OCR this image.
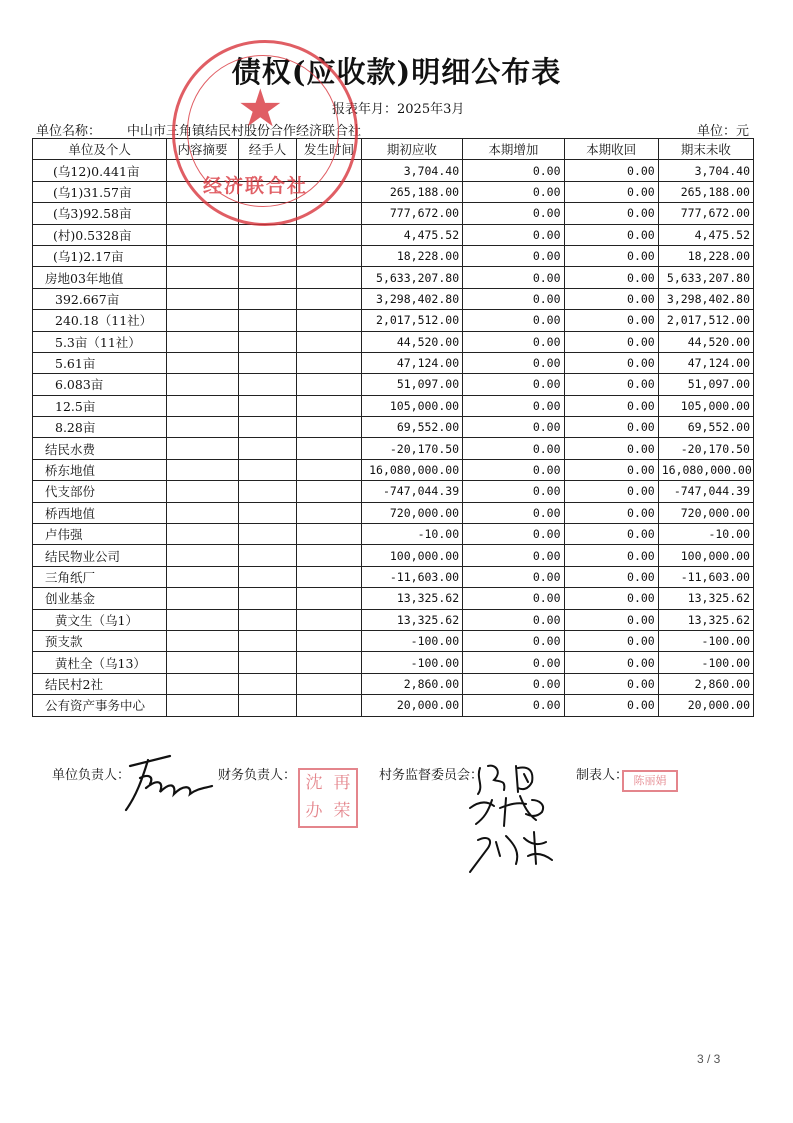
债权(应收款)明细公布表
报表年月：2025年3月
单位名称： 中山市三角镇结民村股份合作经济联合社	单位：元
单位及个人	内容摘要	经手人	发生时间	期初应收	本期增加	本期收回	期末未收
(乌12)0.441亩				3,704.40	0.00	0.00	3,704.40
(乌1)31.57亩				265,188.00	0.00	0.00	265,188.00
(乌3)92.58亩				777,672.00	0.00	0.00	777,672.00
(村)0.5328亩				4,475.52	0.00	0.00	4,475.52
(乌1)2.17亩				18,228.00	0.00	0.00	18,228.00
房地03年地值				5,633,207.80	0.00	0.00	5,633,207.80
392.667亩				3,298,402.80	0.00	0.00	3,298,402.80
240.18（11社）				2,017,512.00	0.00	0.00	2,017,512.00
5.3亩（11社）				44,520.00	0.00	0.00	44,520.00
5.61亩				47,124.00	0.00	0.00	47,124.00
6.083亩				51,097.00	0.00	0.00	51,097.00
12.5亩				105,000.00	0.00	0.00	105,000.00
8.28亩				69,552.00	0.00	0.00	69,552.00
结民水费				-20,170.50	0.00	0.00	-20,170.50
桥东地值				16,080,000.00	0.00	0.00	16,080,000.00
代支部份				-747,044.39	0.00	0.00	-747,044.39
桥西地值				720,000.00	0.00	0.00	720,000.00
卢伟强				-10.00	0.00	0.00	-10.00
结民物业公司				100,000.00	0.00	0.00	100,000.00
三角纸厂				-11,603.00	0.00	0.00	-11,603.00
创业基金				13,325.62	0.00	0.00	13,325.62
黄文生（乌1）				13,325.62	0.00	0.00	13,325.62
预支款				-100.00	0.00	0.00	-100.00
黄杜全（乌13）				-100.00	0.00	0.00	-100.00
结民村2社				2,860.00	0.00	0.00	2,860.00
公有资产事务中心				20,000.00	0.00	0.00	20,000.00
单位负责人：	财务负责人：	村务监督委员会：	制表人：
★
经济联合社
沈 再
办 荣
陈丽娟
3 / 3
